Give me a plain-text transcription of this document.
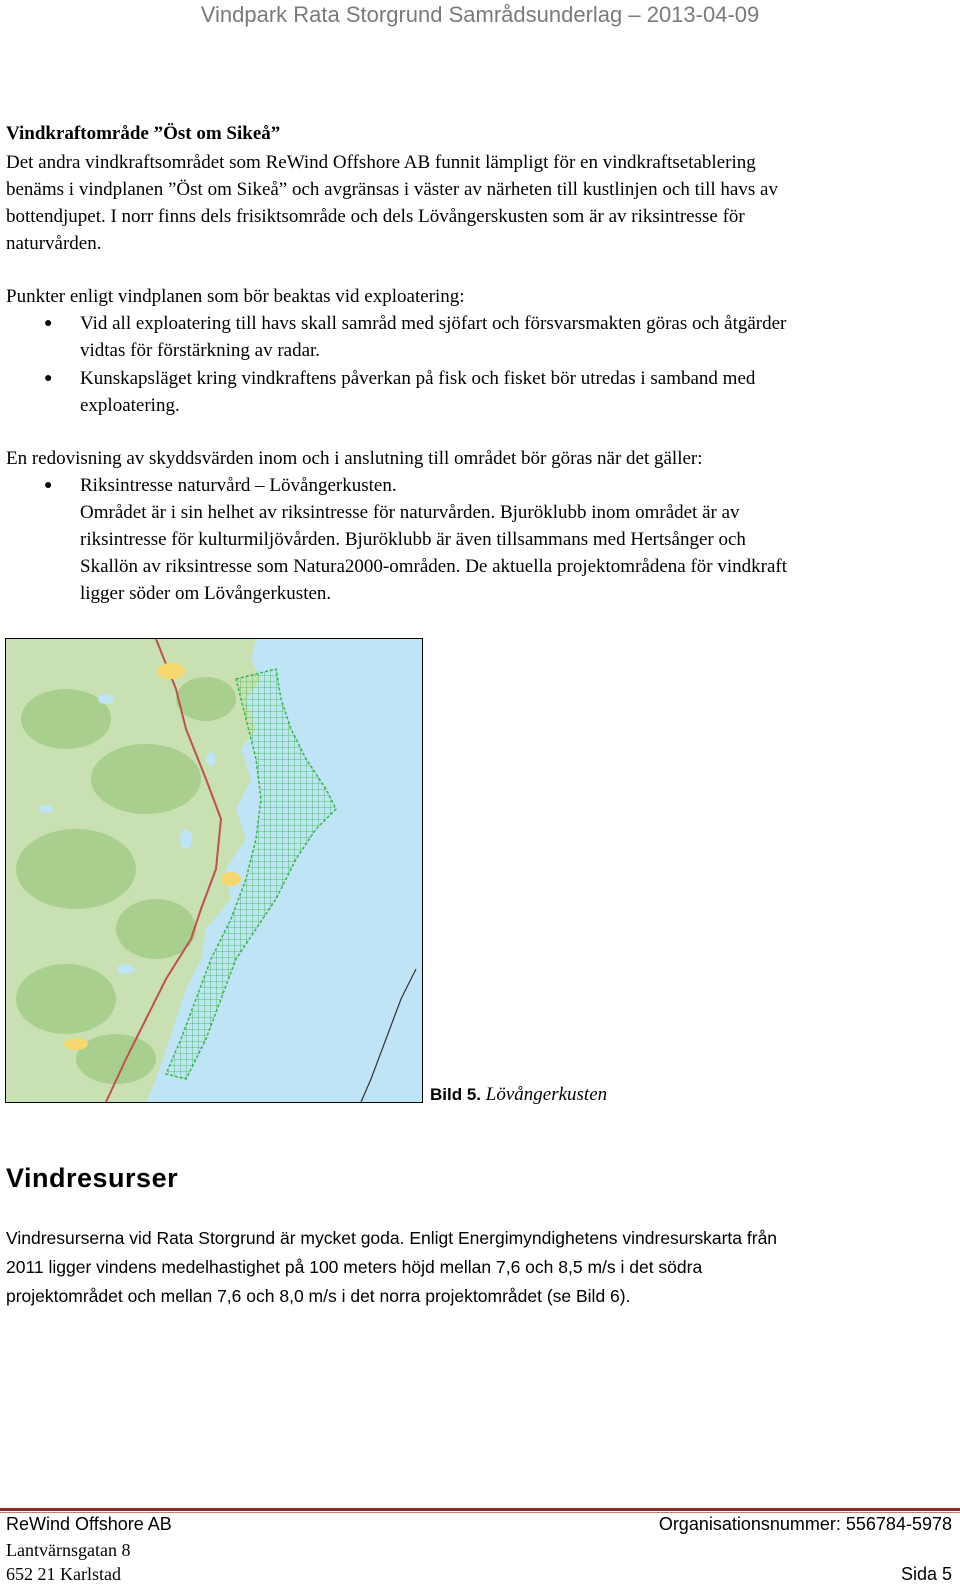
Vindpark Rata Storgrund Samrådsunderlag – 2013-04-09
Vindkraftområde ”Öst om Sikeå”
Det andra vindkraftsområdet som ReWind Offshore AB funnit lämpligt för en vindkraftsetablering
benäms i vindplanen ”Öst om Sikeå” och avgränsas i väster av närheten till kustlinjen och till havs av
bottendjupet. I norr finns dels frisiktsområde och dels Lövångerskusten som är av riksintresse för
naturvården.
Punkter enligt vindplanen som bör beaktas vid exploatering:
● Vid all exploatering till havs skall samråd med sjöfart och försvarsmakten göras och åtgärder
vidtas för förstärkning av radar.
● Kunskapsläget kring vindkraftens påverkan på fisk och fisket bör utredas i samband med
exploatering.
En redovisning av skyddsvärden inom och i anslutning till området bör göras när det gäller:
● Riksintresse naturvård – Lövångerkusten.
Området är i sin helhet av riksintresse för naturvården. Bjuröklubb inom området är av
riksintresse för kulturmiljövården. Bjuröklubb är även tillsammans med Hertsånger och
Skallön av riksintresse som Natura2000-områden. De aktuella projektområdena för vindkraft
ligger söder om Lövångerkusten.
Bild 5. Lövångerkusten
Vindresurser
Vindresurserna vid Rata Storgrund är mycket goda. Enligt Energimyndighetens vindresurskarta från
2011 ligger vindens medelhastighet på 100 meters höjd mellan 7,6 och 8,5 m/s i det södra
projektområdet och mellan 7,6 och 8,0 m/s i det norra projektområdet (se Bild 6).
ReWind Offshore AB	Organisationsnummer: 556784-5978
Lantvärnsgatan 8
652 21 Karlstad	Sida 5
